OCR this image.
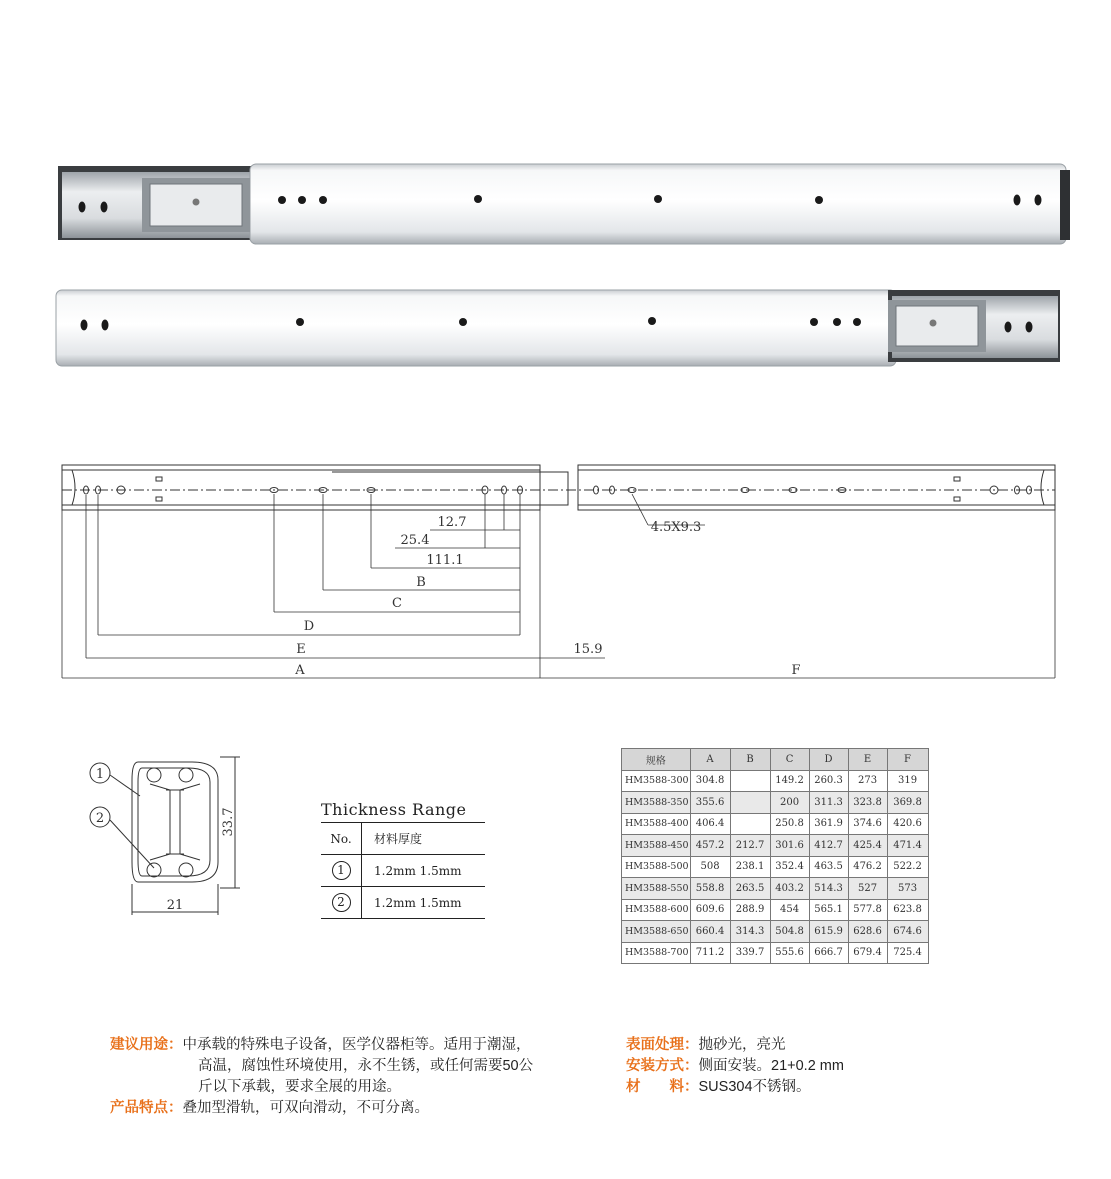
12.7
25.4
111.1
B
C
D
E
A	F
15.9
4.5X9.3
1
2	33.7
21
Thickness Range
No.	材料厚度
1	1.2mm 1.5mm
2	1.2mm 1.5mm
规格	A	B	C	D	E	F
HM3588-300	304.8		149.2	260.3	273	319
HM3588-350	355.6		200	311.3	323.8	369.8
HM3588-400	406.4		250.8	361.9	374.6	420.6
HM3588-450	457.2	212.7	301.6	412.7	425.4	471.4
HM3588-500	508	238.1	352.4	463.5	476.2	522.2
HM3588-550	558.8	263.5	403.2	514.3	527	573
HM3588-600	609.6	288.9	454	565.1	577.8	623.8
HM3588-650	660.4	314.3	504.8	615.9	628.6	674.6
HM3588-700	711.2	339.7	555.6	666.7	679.4	725.4
建议用途：中承载的特殊电子设备，医学仪器柜等。适用于潮湿，
高温，腐蚀性环境使用，永不生锈，或任何需要50公
斤以下承载，要求全展的用途。
产品特点：叠加型滑轨，可双向滑动，不可分离。
表面处理：抛砂光，亮光
安装方式：侧面安装。21+0.2 mm
材　　料：SUS304不锈钢。
